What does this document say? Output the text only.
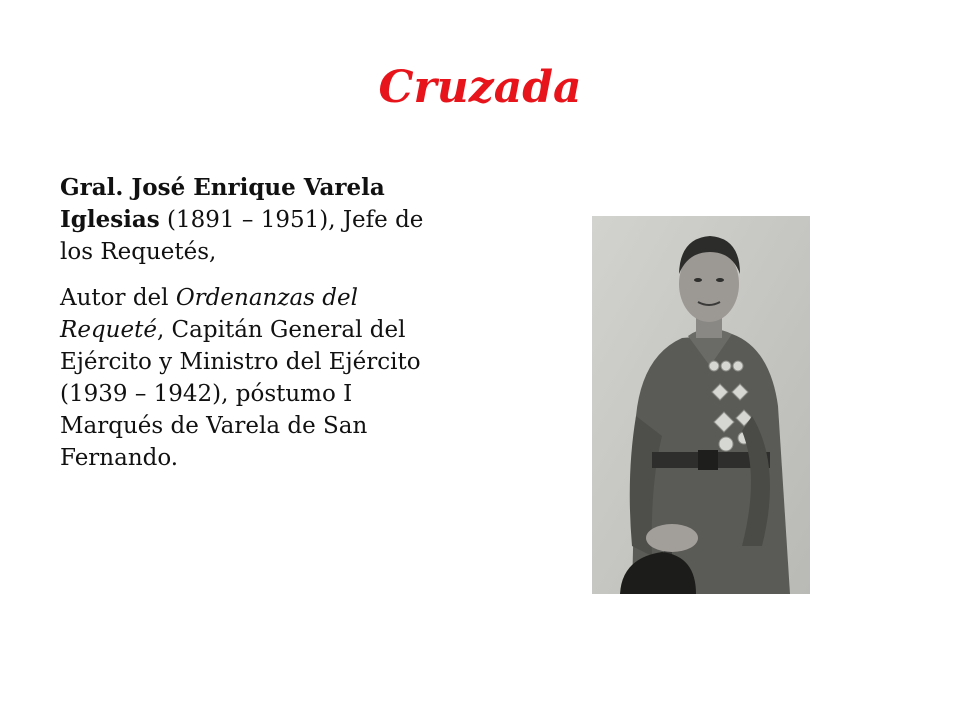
Cruzada

Gral. José Enrique Varela Iglesias (1891 – 1951), Jefe de los Requetés,

Autor del Ordenanzas del Requeté, Capitán General del Ejército y Ministro del Ejército (1939 – 1942), póstumo I Marqués de Varela de San Fernando.
